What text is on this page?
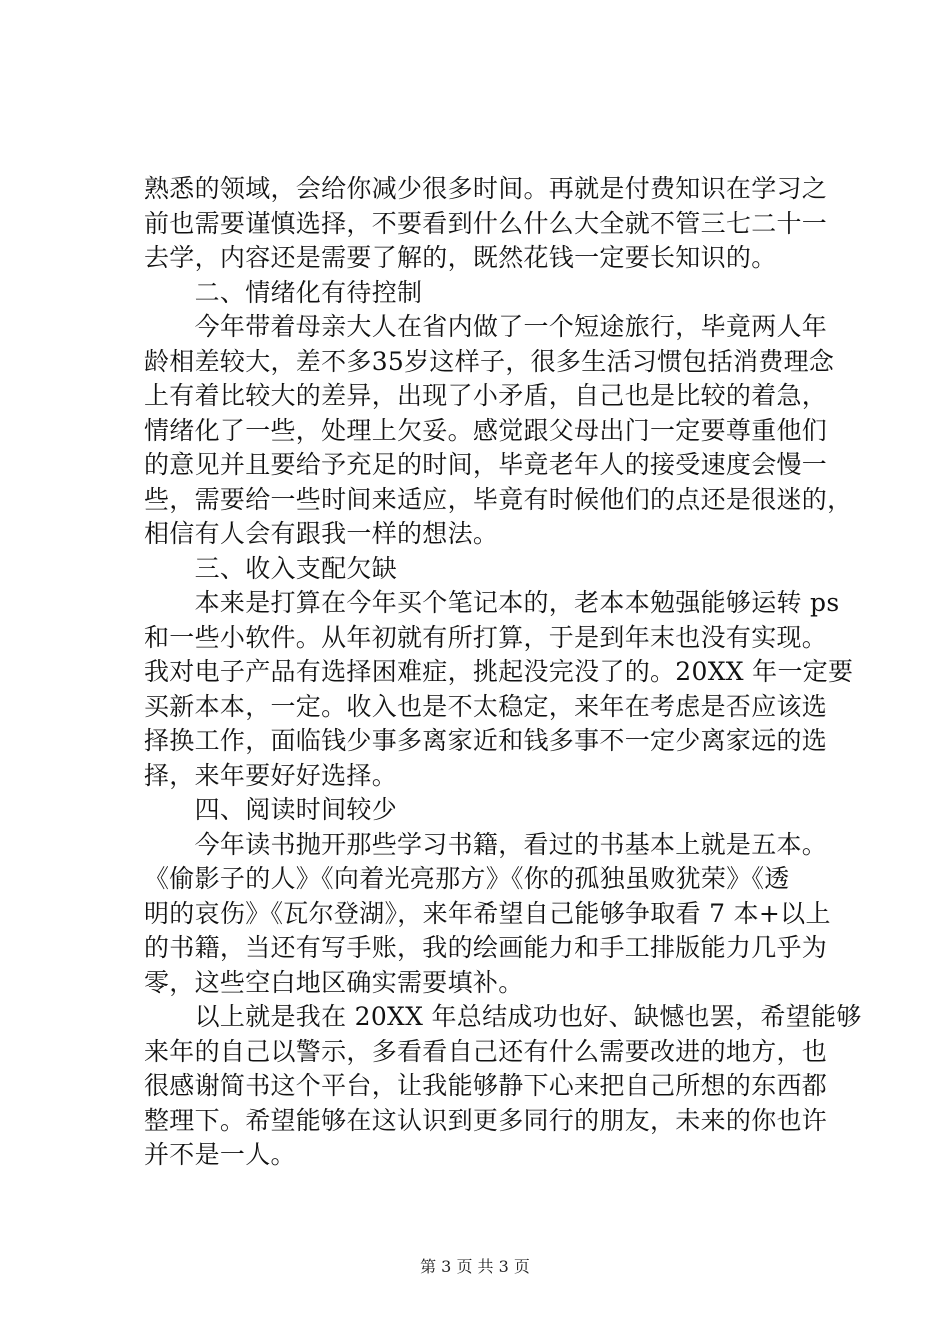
熟悉的领域，会给你减少很多时间。再就是付费知识在学习之
前也需要谨慎选择，不要看到什么什么大全就不管三七二十一
去学，内容还是需要了解的，既然花钱一定要长知识的。
　　二、情绪化有待控制
　　今年带着母亲大人在省内做了一个短途旅行，毕竟两人年
龄相差较大，差不多35岁这样子，很多生活习惯包括消费理念
上有着比较大的差异，出现了小矛盾，自己也是比较的着急，
情绪化了一些，处理上欠妥。感觉跟父母出门一定要尊重他们
的意见并且要给予充足的时间，毕竟老年人的接受速度会慢一
些，需要给一些时间来适应，毕竟有时候他们的点还是很迷的，
相信有人会有跟我一样的想法。
　　三、收入支配欠缺
　　本来是打算在今年买个笔记本的，老本本勉强能够运转 ps
和一些小软件。从年初就有所打算，于是到年末也没有实现。
我对电子产品有选择困难症，挑起没完没了的。20XX 年一定要
买新本本，一定。收入也是不太稳定，来年在考虑是否应该选
择换工作，面临钱少事多离家近和钱多事不一定少离家远的选
择，来年要好好选择。
　　四、阅读时间较少
　　今年读书抛开那些学习书籍，看过的书基本上就是五本。
《偷影子的人》《向着光亮那方》《你的孤独虽败犹荣》《透
明的哀伤》《瓦尔登湖》，来年希望自己能够争取看 7 本+以上
的书籍，当还有写手账，我的绘画能力和手工排版能力几乎为
零，这些空白地区确实需要填补。
　　以上就是我在 20XX 年总结成功也好、缺憾也罢，希望能够
来年的自己以警示，多看看自己还有什么需要改进的地方，也
很感谢简书这个平台，让我能够静下心来把自己所想的东西都
整理下。希望能够在这认识到更多同行的朋友，未来的你也许
并不是一人。
第 3 页 共 3 页
